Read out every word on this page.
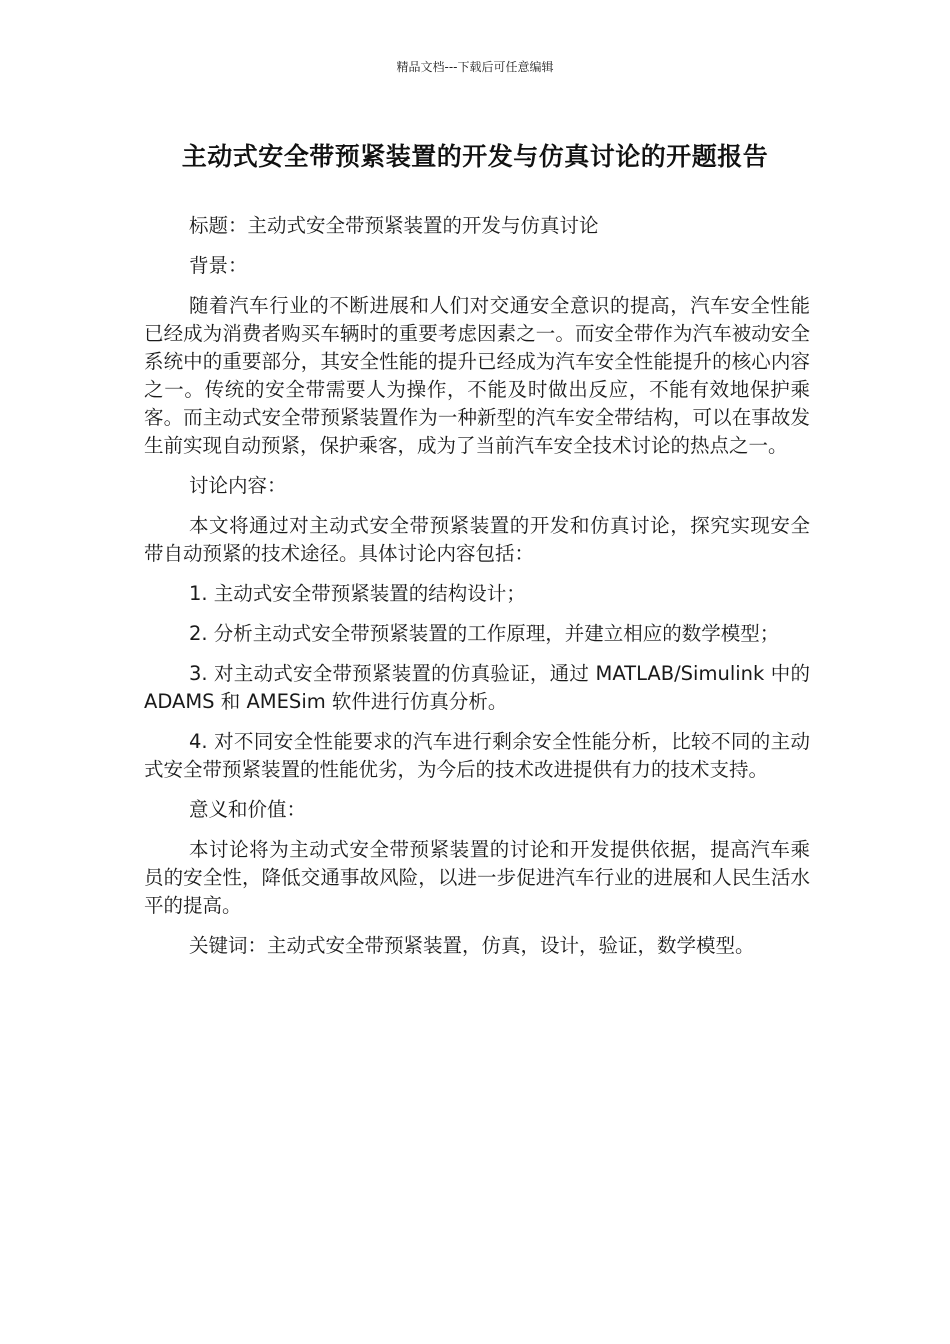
精品文档---下载后可任意编辑
主动式安全带预紧装置的开发与仿真讨论的开题报告

标题：主动式安全带预紧装置的开发与仿真讨论

背景：

随着汽车行业的不断进展和人们对交通安全意识的提高，汽车安全性能已经成为消费者购买车辆时的重要考虑因素之一。而安全带作为汽车被动安全系统中的重要部分，其安全性能的提升已经成为汽车安全性能提升的核心内容之一。传统的安全带需要人为操作，不能及时做出反应，不能有效地保护乘客。而主动式安全带预紧装置作为一种新型的汽车安全带结构，可以在事故发生前实现自动预紧，保护乘客，成为了当前汽车安全技术讨论的热点之一。

讨论内容：

本文将通过对主动式安全带预紧装置的开发和仿真讨论，探究实现安全带自动预紧的技术途径。具体讨论内容包括：

1. 主动式安全带预紧装置的结构设计；

2. 分析主动式安全带预紧装置的工作原理，并建立相应的数学模型；

3. 对主动式安全带预紧装置的仿真验证，通过 MATLAB/Simulink 中的 ADAMS 和 AMESim 软件进行仿真分析。

4. 对不同安全性能要求的汽车进行剩余安全性能分析，比较不同的主动式安全带预紧装置的性能优劣，为今后的技术改进提供有力的技术支持。

意义和价值：

本讨论将为主动式安全带预紧装置的讨论和开发提供依据，提高汽车乘员的安全性，降低交通事故风险，以进一步促进汽车行业的进展和人民生活水平的提高。

关键词：主动式安全带预紧装置，仿真，设计，验证，数学模型。
